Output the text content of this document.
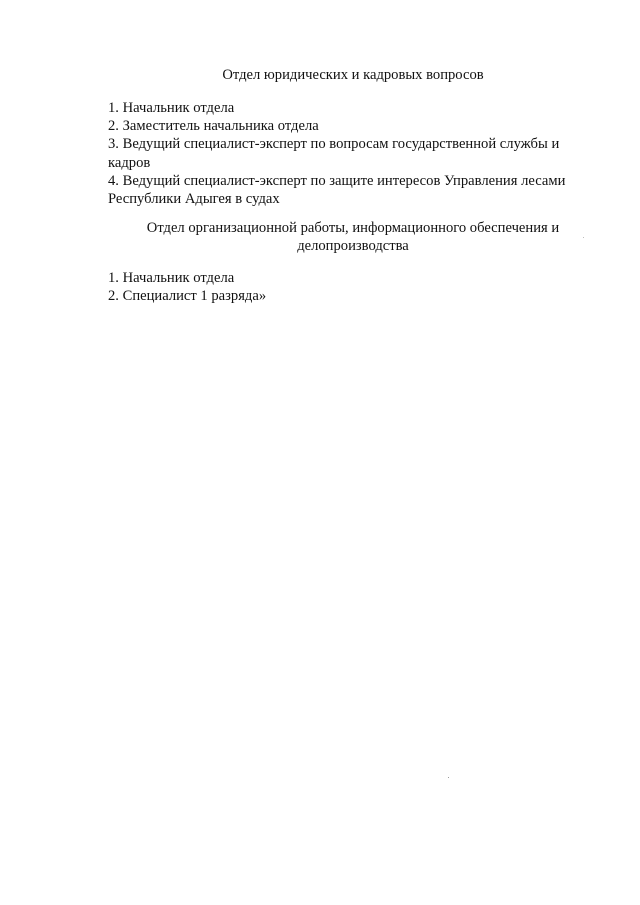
Отдел юридических и кадровых вопросов
1. Начальник отдела
2. Заместитель начальника отдела
3. Ведущий специалист-эксперт по вопросам государственной службы и кадров
4. Ведущий специалист-эксперт по защите интересов Управления лесами Республики Адыгея в судах
Отдел организационной работы, информационного обеспечения и делопроизводства
1. Начальник отдела
2. Специалист 1 разряда»
